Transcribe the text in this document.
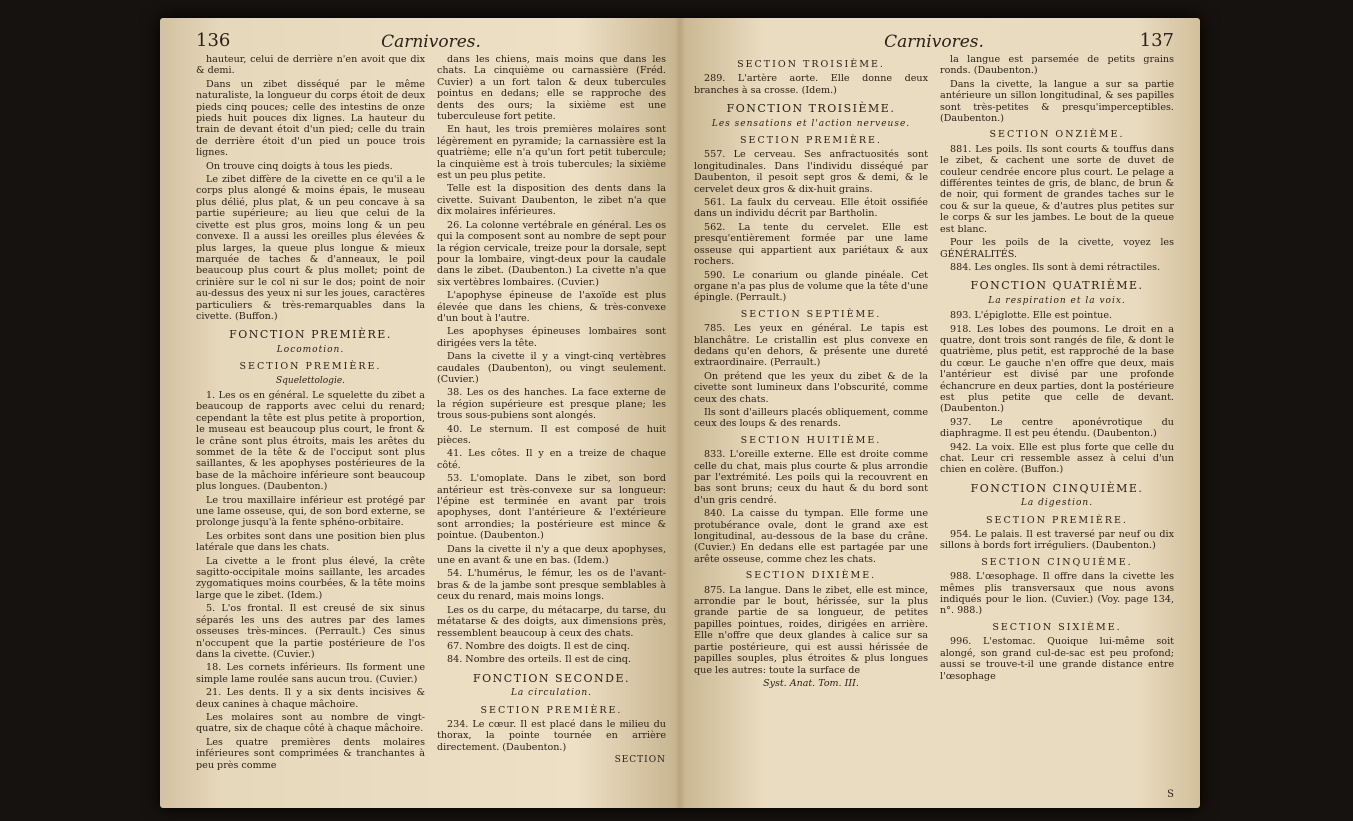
136	Carnivores.

hauteur, celui de derrière n'en avoit que dix & demi.

Dans un zibet disséqué par le même naturaliste, la longueur du corps étoit de deux pieds cinq pouces; celle des intestins de onze pieds huit pouces dix lignes. La hauteur du train de devant étoit d'un pied; celle du train de derrière étoit d'un pied un pouce trois lignes.

On trouve cinq doigts à tous les pieds.

Le zibet diffère de la civette en ce qu'il a le corps plus alongé & moins épais, le museau plus délié, plus plat, & un peu concave à sa partie supérieure; au lieu que celui de la civette est plus gros, moins long & un peu convexe. Il a aussi les oreilles plus élevées & plus larges, la queue plus longue & mieux marquée de taches & d'anneaux, le poil beaucoup plus court & plus mollet; point de crinière sur le col ni sur le dos; point de noir au-dessus des yeux ni sur les joues, caractères particuliers & très-remarquables dans la civette. (Buffon.)

FONCTION PREMIÈRE.
Locomotion.
SECTION PREMIÈRE.
Squelettologie.

1. Les os en général. Le squelette du zibet a beaucoup de rapports avec celui du renard; cependant la tête est plus petite à proportion, le museau est beaucoup plus court, le front & le crâne sont plus étroits, mais les arêtes du sommet de la tête & de l'occiput sont plus saillantes, & les apophyses postérieures de la base de la mâchoire inférieure sont beaucoup plus longues. (Daubenton.)

Le trou maxillaire inférieur est protégé par une lame osseuse, qui, de son bord externe, se prolonge jusqu'à la fente sphéno-orbitaire.

Les orbites sont dans une position bien plus latérale que dans les chats.

La civette a le front plus élevé, la crête sagitto-occipitale moins saillante, les arcades zygomatiques moins courbées, & la tête moins large que le zibet. (Idem.)

5. L'os frontal. Il est creusé de six sinus séparés les uns des autres par des lames osseuses très-minces. (Perrault.) Ces sinus n'occupent que la partie postérieure de l'os dans la civette. (Cuvier.)

18. Les cornets inférieurs. Ils forment une simple lame roulée sans aucun trou. (Cuvier.)

21. Les dents. Il y a six dents incisives & deux canines à chaque mâchoire.

Les molaires sont au nombre de vingt-quatre, six de chaque côté à chaque mâchoire.

Les quatre premières dents molaires inférieures sont comprimées & tranchantes à peu près comme

dans les chiens, mais moins que dans les chats. La cinquième ou carnassière (Fréd. Cuvier) a un fort talon & deux tubercules pointus en dedans; elle se rapproche des dents des ours; la sixième est une tuberculeuse fort petite.

En haut, les trois premières molaires sont légèrement en pyramide; la carnassière est la quatrième; elle n'a qu'un fort petit tubercule; la cinquième est à trois tubercules; la sixième est un peu plus petite.

Telle est la disposition des dents dans la civette. Suivant Daubenton, le zibet n'a que dix molaires inférieures.

26. La colonne vertébrale en général. Les os qui la composent sont au nombre de sept pour la région cervicale, treize pour la dorsale, sept pour la lombaire, vingt-deux pour la caudale dans le zibet. (Daubenton.) La civette n'a que six vertèbres lombaires. (Cuvier.)

L'apophyse épineuse de l'axoïde est plus élevée que dans les chiens, & très-convexe d'un bout à l'autre.

Les apophyses épineuses lombaires sont dirigées vers la tête.

Dans la civette il y a vingt-cinq vertèbres caudales (Daubenton), ou vingt seulement. (Cuvier.)

38. Les os des hanches. La face externe de la région supérieure est presque plane; les trous sous-pubiens sont alongés.

40. Le sternum. Il est composé de huit pièces.

41. Les côtes. Il y en a treize de chaque côté.

53. L'omoplate. Dans le zibet, son bord antérieur est très-convexe sur sa longueur: l'épine est terminée en avant par trois apophyses, dont l'antérieure & l'extérieure sont arrondies; la postérieure est mince & pointue. (Daubenton.)

Dans la civette il n'y a que deux apophyses, une en avant & une en bas. (Idem.)

54. L'humérus, le fémur, les os de l'avant-bras & de la jambe sont presque semblables à ceux du renard, mais moins longs.

Les os du carpe, du métacarpe, du tarse, du métatarse & des doigts, aux dimensions près, ressemblent beaucoup à ceux des chats.

67. Nombre des doigts. Il est de cinq.

84. Nombre des orteils. Il est de cinq.

FONCTION SECONDE.
La circulation.
SECTION PREMIÈRE.

234. Le cœur. Il est placé dans le milieu du thorax, la pointe tournée en arrière directement. (Daubenton.)

SECTION
Carnivores.	137
SECTION TROISIÈME.

289. L'artère aorte. Elle donne deux branches à sa crosse. (Idem.)

FONCTION TROISIÈME.
Les sensations et l'action nerveuse.
SECTION PREMIÈRE.

557. Le cerveau. Ses anfractuosités sont longitudinales. Dans l'individu disséqué par Daubenton, il pesoit sept gros & demi, & le cervelet deux gros & dix-huit grains.

561. La faulx du cerveau. Elle étoit ossifiée dans un individu décrit par Bartholin.

562. La tente du cervelet. Elle est presqu'entièrement formée par une lame osseuse qui appartient aux pariétaux & aux rochers.

590. Le conarium ou glande pinéale. Cet organe n'a pas plus de volume que la tête d'une épingle. (Perrault.)

SECTION SEPTIÈME.

785. Les yeux en général. Le tapis est blanchâtre. Le cristallin est plus convexe en dedans qu'en dehors, & présente une dureté extraordinaire. (Perrault.)

On prétend que les yeux du zibet & de la civette sont lumineux dans l'obscurité, comme ceux des chats.

Ils sont d'ailleurs placés obliquement, comme ceux des loups & des renards.

SECTION HUITIÈME.

833. L'oreille externe. Elle est droite comme celle du chat, mais plus courte & plus arrondie par l'extrémité. Les poils qui la recouvrent en bas sont bruns; ceux du haut & du bord sont d'un gris cendré.

840. La caisse du tympan. Elle forme une protubérance ovale, dont le grand axe est longitudinal, au-dessous de la base du crâne. (Cuvier.) En dedans elle est partagée par une arête osseuse, comme chez les chats.

SECTION DIXIÈME.

875. La langue. Dans le zibet, elle est mince, arrondie par le bout, hérissée, sur la plus grande partie de sa longueur, de petites papilles pointues, roides, dirigées en arrière. Elle n'offre que deux glandes à calice sur sa partie postérieure, qui est aussi hérissée de papilles souples, plus étroites & plus longues que les autres: toute la surface de

Syst. Anat. Tom. III.

la langue est parsemée de petits grains ronds. (Daubenton.)

Dans la civette, la langue a sur sa partie antérieure un sillon longitudinal, & ses papilles sont très-petites & presqu'imperceptibles. (Daubenton.)

SECTION ONZIÈME.

881. Les poils. Ils sont courts & touffus dans le zibet, & cachent une sorte de duvet de couleur cendrée encore plus court. Le pelage a différentes teintes de gris, de blanc, de brun & de noir, qui forment de grandes taches sur le cou & sur la queue, & d'autres plus petites sur le corps & sur les jambes. Le bout de la queue est blanc.

Pour les poils de la civette, voyez les GÉNÉRALITÉS.

884. Les ongles. Ils sont à demi rétractiles.

FONCTION QUATRIÈME.
La respiration et la voix.

893. L'épiglotte. Elle est pointue.

918. Les lobes des poumons. Le droit en a quatre, dont trois sont rangés de file, & dont le quatrième, plus petit, est rapproché de la base du cœur. Le gauche n'en offre que deux, mais l'antérieur est divisé par une profonde échancrure en deux parties, dont la postérieure est plus petite que celle de devant. (Daubenton.)

937. Le centre aponévrotique du diaphragme. Il est peu étendu. (Daubenton.)

942. La voix. Elle est plus forte que celle du chat. Leur cri ressemble assez à celui d'un chien en colère. (Buffon.)

FONCTION CINQUIÈME.
La digestion.
SECTION PREMIÈRE.

954. Le palais. Il est traversé par neuf ou dix sillons à bords fort irréguliers. (Daubenton.)

SECTION CINQUIÈME.

988. L'œsophage. Il offre dans la civette les mêmes plis transversaux que nous avons indiqués pour le lion. (Cuvier.) (Voy. page 134, n°. 988.)

SECTION SIXIÈME.

996. L'estomac. Quoique lui-même soit alongé, son grand cul-de-sac est peu profond; aussi se trouve-t-il une grande distance entre l'œsophage

S
